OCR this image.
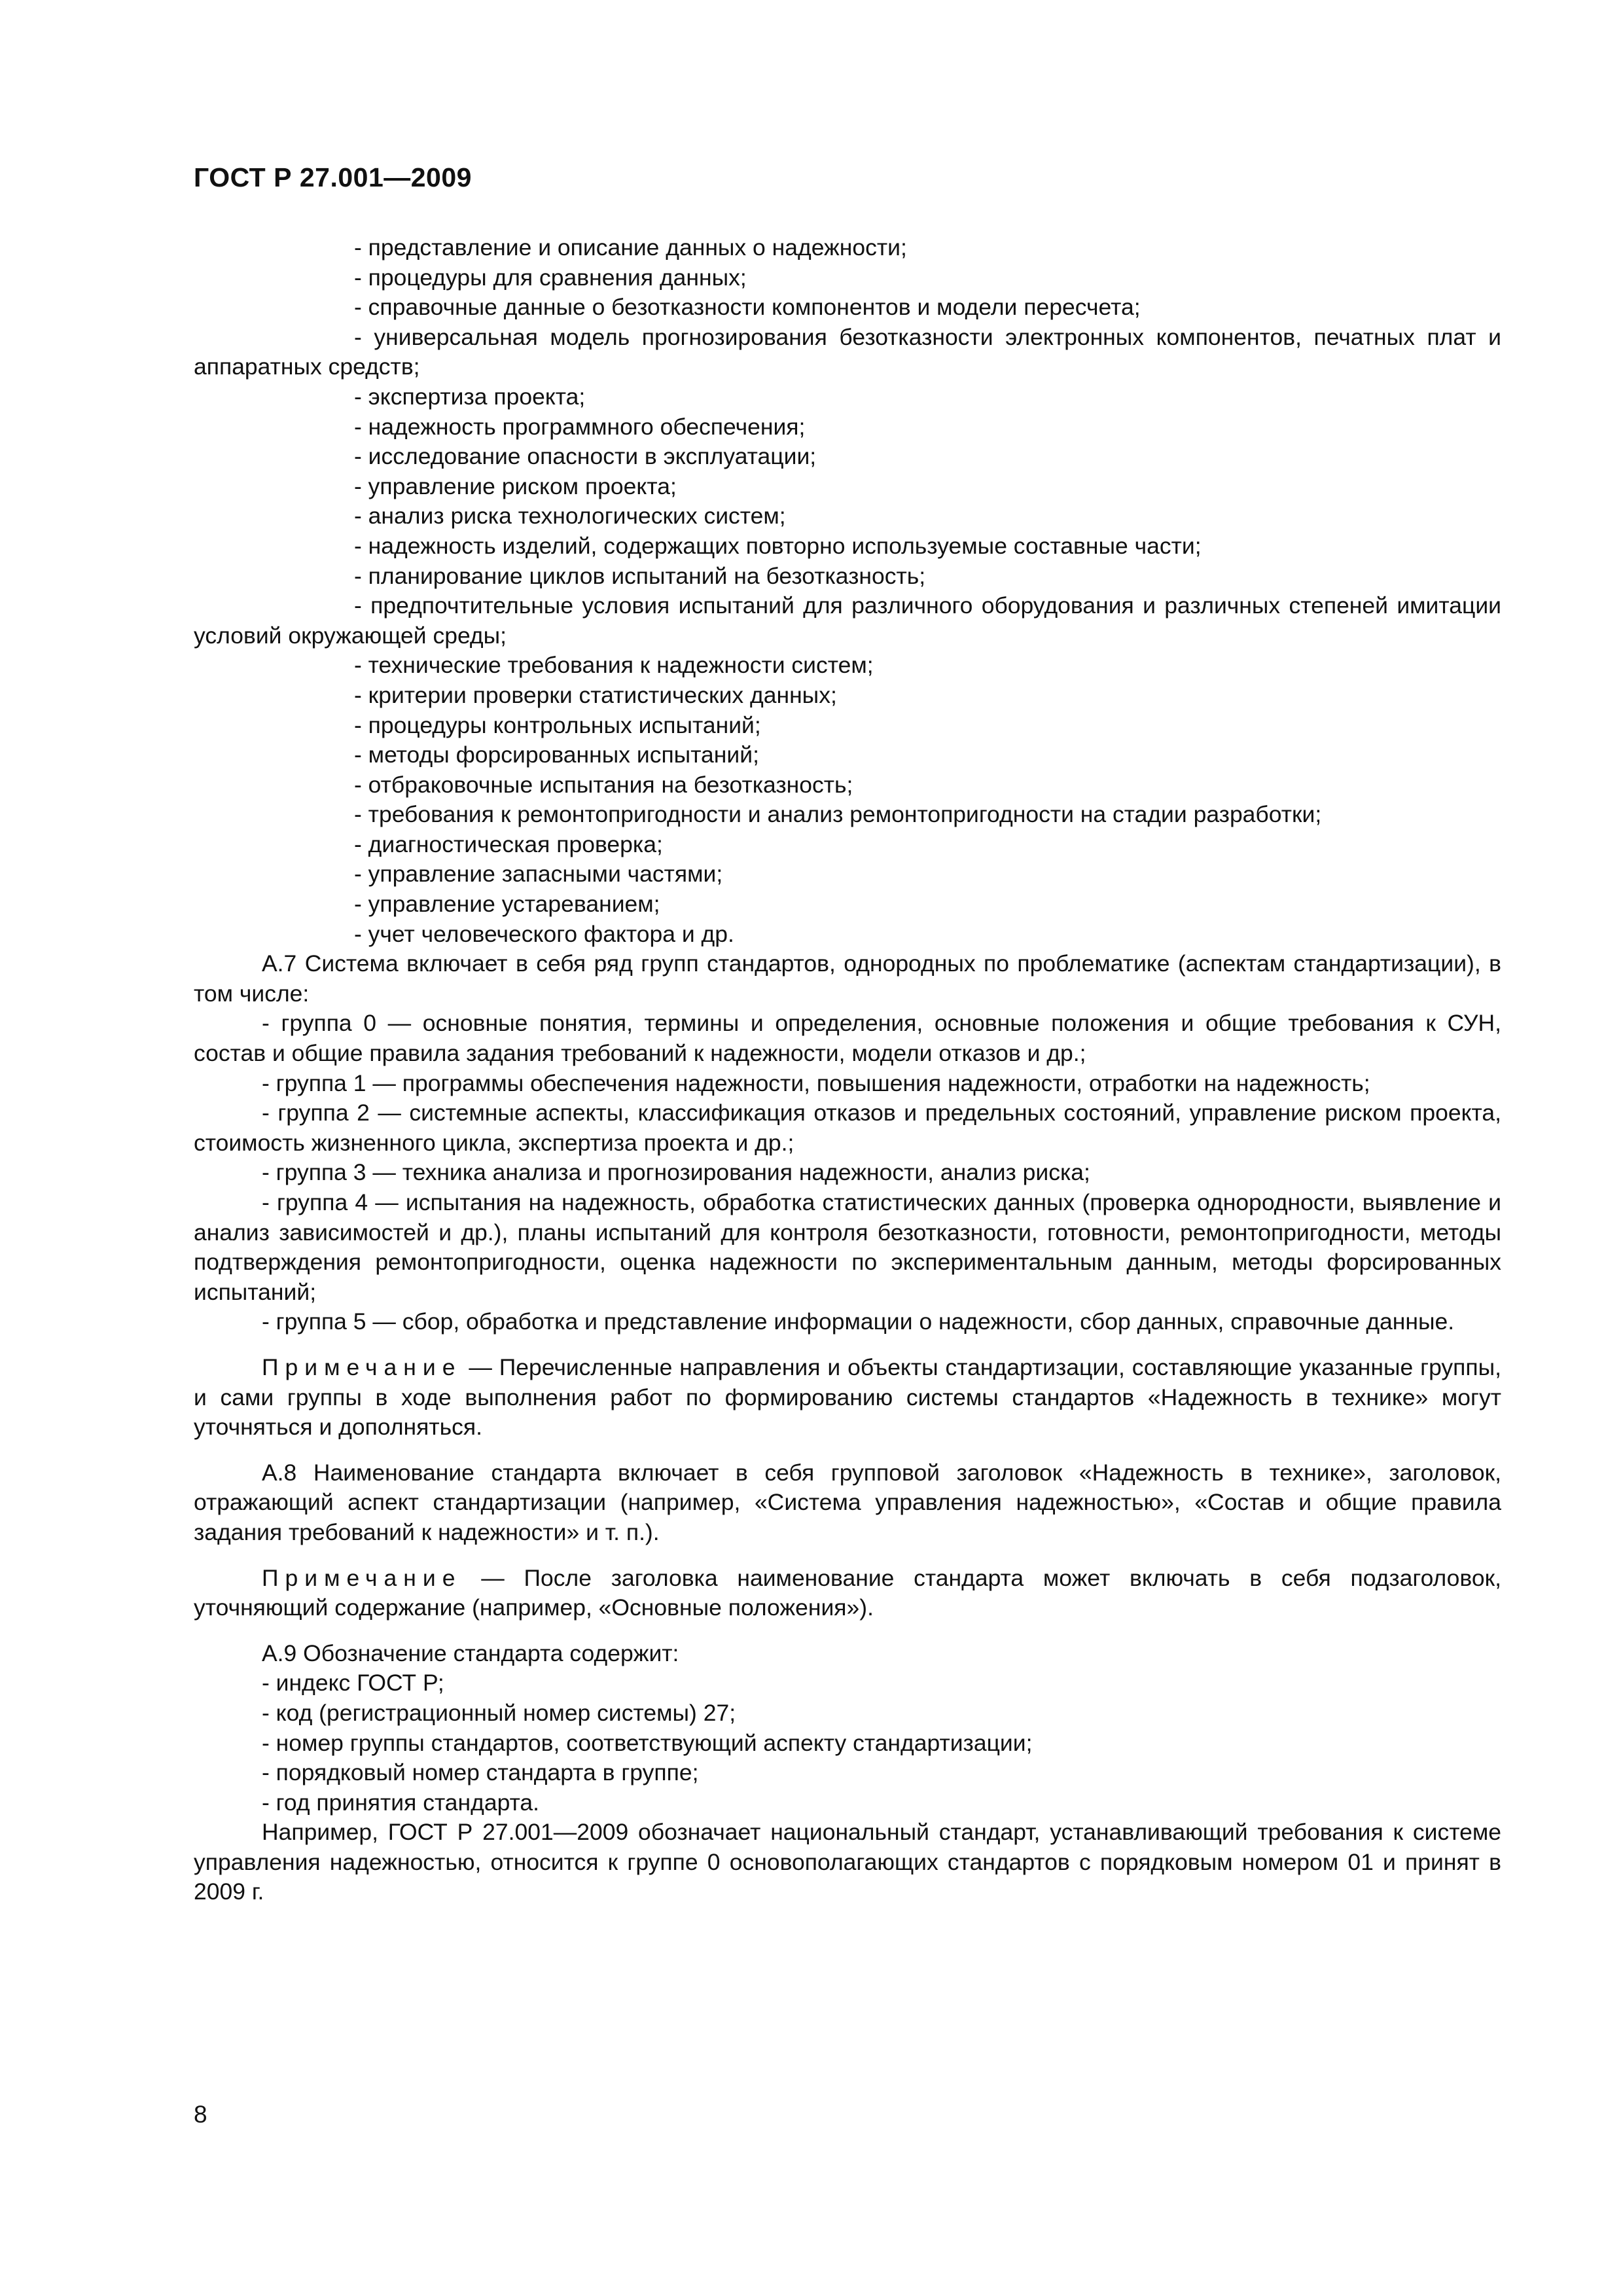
ГОСТ Р 27.001—2009

- представление и описание данных о надежности;

- процедуры для сравнения данных;

- справочные данные о безотказности компонентов и модели пересчета;

- универсальная модель прогнозирования безотказности электронных компонентов, печатных плат и аппаратных средств;

- экспертиза проекта;

- надежность программного обеспечения;

- исследование опасности в эксплуатации;

- управление риском проекта;

- анализ риска технологических систем;

- надежность изделий, содержащих повторно используемые составные части;

- планирование циклов испытаний на безотказность;

- предпочтительные условия испытаний для различного оборудования и различных степеней имитации условий окружающей среды;

- технические требования к надежности систем;

- критерии проверки статистических данных;

- процедуры контрольных испытаний;

- методы форсированных испытаний;

- отбраковочные испытания на безотказность;

- требования к ремонтопригодности и анализ ремонтопригодности на стадии разработки;

- диагностическая проверка;

- управление запасными частями;

- управление устареванием;

- учет человеческого фактора и др.

А.7 Система включает в себя ряд групп стандартов, однородных по проблематике (аспектам стандартизации), в том числе:

- группа 0 — основные понятия, термины и определения, основные положения и общие требования к СУН, состав и общие правила задания требований к надежности, модели отказов и др.;

- группа 1 — программы обеспечения надежности, повышения надежности, отработки на надежность;

- группа 2 — системные аспекты, классификация отказов и предельных состояний, управление риском проекта, стоимость жизненного цикла, экспертиза проекта и др.;

- группа 3 — техника анализа и прогнозирования надежности, анализ риска;

- группа 4 — испытания на надежность, обработка статистических данных (проверка однородности, выявление и анализ зависимостей и др.), планы испытаний для контроля безотказности, готовности, ремонтопригодности, методы подтверждения ремонтопригодности, оценка надежности по экспериментальным данным, методы форсированных испытаний;

- группа 5 — сбор, обработка и представление информации о надежности, сбор данных, справочные данные.

Примечание — Перечисленные направления и объекты стандартизации, составляющие указанные группы, и сами группы в ходе выполнения работ по формированию системы стандартов «Надежность в технике» могут уточняться и дополняться.

А.8 Наименование стандарта включает в себя групповой заголовок «Надежность в технике», заголовок, отражающий аспект стандартизации (например, «Система управления надежностью», «Состав и общие правила задания требований к надежности» и т. п.).

Примечание — После заголовка наименование стандарта может включать в себя подзаголовок, уточняющий содержание (например, «Основные положения»).

А.9 Обозначение стандарта содержит:

- индекс ГОСТ Р;

- код (регистрационный номер системы) 27;

- номер группы стандартов, соответствующий аспекту стандартизации;

- порядковый номер стандарта в группе;

- год принятия стандарта.

Например, ГОСТ Р 27.001—2009 обозначает национальный стандарт, устанавливающий требования к системе управления надежностью, относится к группе 0 основополагающих стандартов с порядковым номером 01 и принят в 2009 г.

8
